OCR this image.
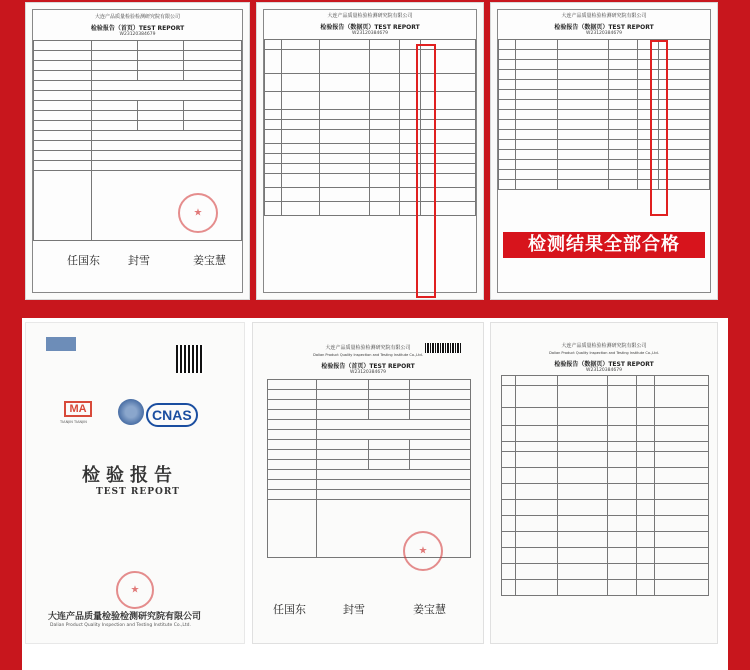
大连产品质量检验检测研究院有限公司
检验报告（首页）TEST REPORT
W23120384679

★
任国东	封雪	姜宝慧
大连产品质量检验检测研究院有限公司
检验报告（数据页）TEST REPORT
W23120384679

大连产品质量检验检测研究院有限公司
检验报告（数据页）TEST REPORT
W23120384679

检测结果全部合格
MA
TIANJIN TIANJIN	CNAS
检验报告
TEST REPORT
★
大连产品质量检验检测研究院有限公司
Dalian Product Quality Inspection and Testing Institute Co.,Ltd.
大连产品质量检验检测研究院有限公司
Dalian Product Quality Inspection and Testing Institute Co.,Ltd.
检验报告（首页）TEST REPORT
W23120384679

★
任国东	封雪	姜宝慧
大连产品质量检验检测研究院有限公司
Dalian Product Quality Inspection and Testing Institute Co.,Ltd.
检验报告（数据页）TEST REPORT
W23120384679
